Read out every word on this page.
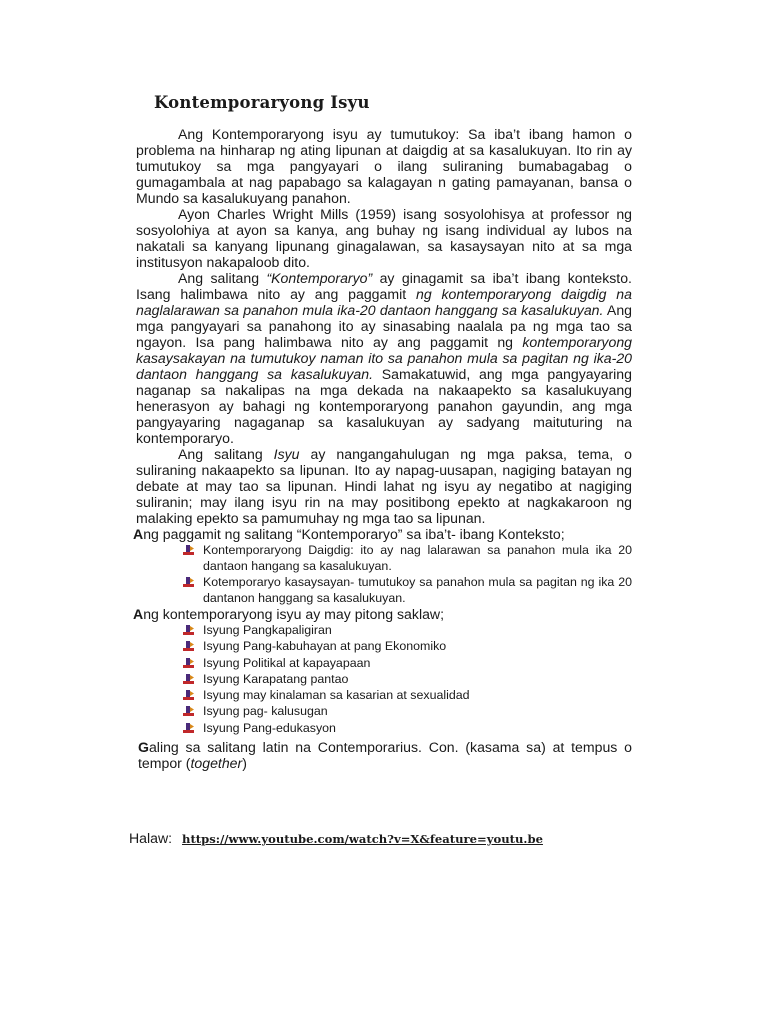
Kontemporaryong Isyu

Ang Kontemporaryong isyu ay tumutukoy: Sa iba’t ibang hamon o problema na hinharap ng ating lipunan at daigdig at sa kasalukuyan. Ito rin ay tumutukoy sa mga pangyayari o ilang suliraning bumabagabag o gumagambala at nag papabago sa kalagayan n gating pamayanan, bansa o Mundo sa kasalukuyang panahon.

Ayon Charles Wright Mills (1959) isang sosyolohisya at professor ng sosyolohiya at ayon sa kanya, ang buhay ng isang individual ay lubos na nakatali sa kanyang lipunang ginagalawan, sa kasaysayan nito at sa mga institusyon nakapaloob dito.

Ang salitang “Kontemporaryo” ay ginagamit sa iba’t ibang konteksto. Isang halimbawa nito ay ang paggamit ng kontemporaryong daigdig na naglalarawan sa panahon mula ika-20 dantaon hanggang sa kasalukuyan. Ang mga pangyayari sa panahong ito ay sinasabing naalala pa ng mga tao sa ngayon. Isa pang halimbawa nito ay ang paggamit ng kontemporaryong kasaysakayan na tumutukoy naman ito sa panahon mula sa pagitan ng ika-20 dantaon hanggang sa kasalukuyan. Samakatuwid, ang mga pangyayaring naganap sa nakalipas na mga dekada na nakaapekto sa kasalukuyang henerasyon ay bahagi ng kontemporaryong panahon gayundin, ang mga pangyayaring nagaganap sa kasalukuyan ay sadyang maituturing na kontemporaryo.

Ang salitang Isyu ay nangangahulugan ng mga paksa, tema, o suliraning nakaapekto sa lipunan. Ito ay napag-uusapan, nagiging batayan ng debate at may tao sa lipunan. Hindi lahat ng isyu ay negatibo at nagiging suliranin; may ilang isyu rin na may positibong epekto at nagkakaroon ng malaking epekto sa pamumuhay ng mga tao sa lipunan.

Ang paggamit ng salitang “Kontemporaryo” sa iba’t- ibang Konteksto;
Kontemporaryong Daigdig: ito ay nag lalarawan sa panahon mula ika 20 dantaon hangang sa kasalukuyan.
Kotemporaryo kasaysayan- tumutukoy sa panahon mula sa pagitan ng ika 20 dantanon hanggang sa kasalukuyan.
Ang kontemporaryong isyu ay may pitong saklaw;
Isyung Pangkapaligiran
Isyung Pang-kabuhayan at pang Ekonomiko
Isyung Politikal at kapayapaan
Isyung Karapatang pantao
Isyung may kinalaman sa kasarian at sexualidad
Isyung pag- kalusugan
Isyung Pang-edukasyon
Galing sa salitang latin na Contemporarius. Con. (kasama sa) at tempus o tempor (together)
Halaw: https://www.youtube.com/watch?v=X&feature=youtu.be
